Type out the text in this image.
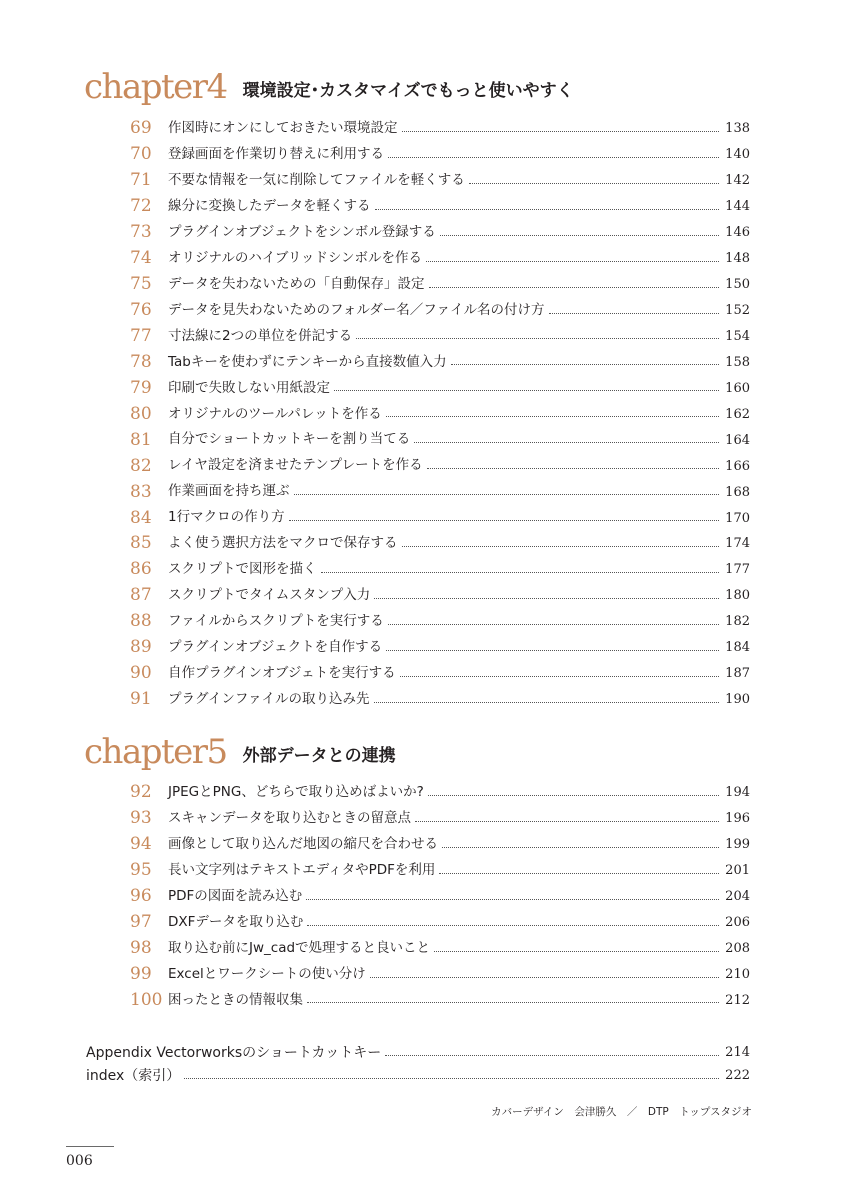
chapter4 環境設定･カスタマイズでもっと使いやすく
69	作図時にオンにしておきたい環境設定	138
70	登録画面を作業切り替えに利用する	140
71	不要な情報を一気に削除してファイルを軽くする	142
72	線分に変換したデータを軽くする	144
73	プラグインオブジェクトをシンボル登録する	146
74	オリジナルのハイブリッドシンボルを作る	148
75	データを失わないための「自動保存」設定	150
76	データを見失わないためのフォルダー名／ファイル名の付け方	152
77	寸法線に2つの単位を併記する	154
78	Tabキーを使わずにテンキーから直接数値入力	158
79	印刷で失敗しない用紙設定	160
80	オリジナルのツールパレットを作る	162
81	自分でショートカットキーを割り当てる	164
82	レイヤ設定を済ませたテンプレートを作る	166
83	作業画面を持ち運ぶ	168
84	1行マクロの作り方	170
85	よく使う選択方法をマクロで保存する	174
86	スクリプトで図形を描く	177
87	スクリプトでタイムスタンプ入力	180
88	ファイルからスクリプトを実行する	182
89	プラグインオブジェクトを自作する	184
90	自作プラグインオブジェトを実行する	187
91	プラグインファイルの取り込み先	190
chapter5 外部データとの連携
92	JPEGとPNG、どちらで取り込めばよいか?	194
93	スキャンデータを取り込むときの留意点	196
94	画像として取り込んだ地図の縮尺を合わせる	199
95	長い文字列はテキストエディタやPDFを利用	201
96	PDFの図面を読み込む	204
97	DXFデータを取り込む	206
98	取り込む前にJw_cadで処理すると良いこと	208
99	Excelとワークシートの使い分け	210
100 困ったときの情報収集	212
Appendix Vectorworksのショートカットキー	214
index（索引）	222
カバーデザイン　会津勝久　／　DTP　トップスタジオ
006
